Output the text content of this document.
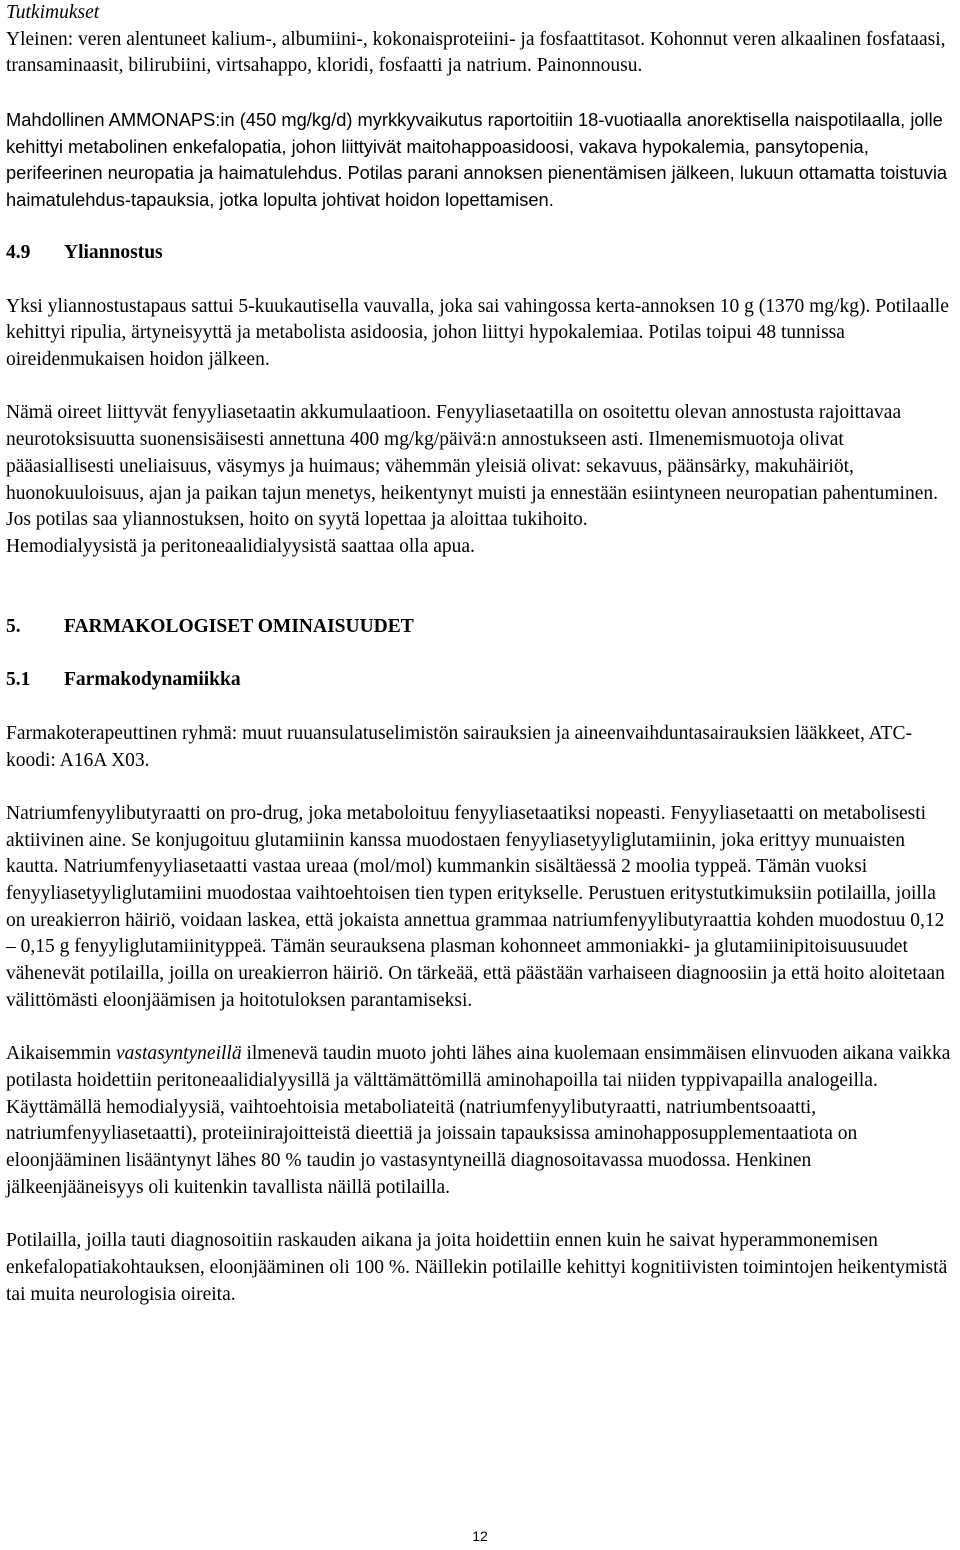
Tutkimukset

Yleinen: veren alentuneet kalium-, albumiini-, kokonaisproteiini- ja fosfaattitasot. Kohonnut veren alkaalinen fosfataasi, transaminaasit, bilirubiini, virtsahappo, kloridi, fosfaatti ja natrium. Painonnousu.

Mahdollinen AMMONAPS:in (450 mg/kg/d) myrkkyvaikutus raportoitiin 18-vuotiaalla anorektisella naispotilaalla, jolle kehittyi metabolinen enkefalopatia, johon liittyivät maitohappoasidoosi, vakava hypokalemia, pansytopenia, perifeerinen neuropatia ja haimatulehdus. Potilas parani annoksen pienentämisen jälkeen, lukuun ottamatta toistuvia haimatulehdus-tapauksia, jotka lopulta johtivat hoidon lopettamisen.

4.9 Yliannostus

Yksi yliannostustapaus sattui 5-kuukautisella vauvalla, joka sai vahingossa kerta-annoksen 10 g (1370 mg/kg). Potilaalle kehittyi ripulia, ärtyneisyyttä ja metabolista asidoosia, johon liittyi hypokalemiaa. Potilas toipui 48 tunnissa oireidenmukaisen hoidon jälkeen.

Nämä oireet liittyvät fenyyliasetaatin akkumulaatioon. Fenyyliasetaatilla on osoitettu olevan annostusta rajoittavaa neurotoksisuutta suonensisäisesti annettuna 400 mg/kg/päivä:n annostukseen asti. Ilmenemismuotoja olivat pääasiallisesti uneliaisuus, väsymys ja huimaus; vähemmän yleisiä olivat: sekavuus, päänsärky, makuhäiriöt, huonokuuloisuus, ajan ja paikan tajun menetys, heikentynyt muisti ja ennestään esiintyneen neuropatian pahentuminen.

Jos potilas saa yliannostuksen, hoito on syytä lopettaa ja aloittaa tukihoito.

Hemodialyysistä ja peritoneaalidialyysistä saattaa olla apua.

5. FARMAKOLOGISET OMINAISUUDET
5.1 Farmakodynamiikka

Farmakoterapeuttinen ryhmä: muut ruuansulatuselimistön sairauksien ja aineenvaihduntasairauksien lääkkeet, ATC-koodi: A16A X03.

Natriumfenyylibutyraatti on pro-drug, joka metaboloituu fenyyliasetaatiksi nopeasti. Fenyyliasetaatti on metabolisesti aktiivinen aine. Se konjugoituu glutamiinin kanssa muodostaen fenyyliasetyyliglutamiinin, joka erittyy munuaisten kautta. Natriumfenyyliasetaatti vastaa ureaa (mol/mol) kummankin sisältäessä 2 moolia typpeä. Tämän vuoksi fenyyliasetyyliglutamiini muodostaa vaihtoehtoisen tien typen eritykselle. Perustuen eritystutkimuksiin potilailla, joilla on ureakierron häiriö, voidaan laskea, että jokaista annettua grammaa natriumfenyylibutyraattia kohden muodostuu 0,12 – 0,15 g fenyyliglutamiinityppeä. Tämän seurauksena plasman kohonneet ammoniakki- ja glutamiinipitoisuusuudet vähenevät potilailla, joilla on ureakierron häiriö. On tärkeää, että päästään varhaiseen diagnoosiin ja että hoito aloitetaan välittömästi eloonjäämisen ja hoitotuloksen parantamiseksi.

Aikaisemmin vastasyntyneillä ilmenevä taudin muoto johti lähes aina kuolemaan ensimmäisen elinvuoden aikana vaikka potilasta hoidettiin peritoneaalidialyysillä ja välttämättömillä aminohapoilla tai niiden typpivapailla analogeilla. Käyttämällä hemodialyysiä, vaihtoehtoisia metaboliateitä (natriumfenyylibutyraatti, natriumbentsoaatti, natriumfenyyliasetaatti), proteiinirajoitteistä dieettiä ja joissain tapauksissa aminohapposupplementaatiota on eloonjääminen lisääntynyt lähes 80 % taudin jo vastasyntyneillä diagnosoitavassa muodossa. Henkinen jälkeenjääneisyys oli kuitenkin tavallista näillä potilailla.

Potilailla, joilla tauti diagnosoitiin raskauden aikana ja joita hoidettiin ennen kuin he saivat hyperammonemisen enkefalopatiakohtauksen, eloonjääminen oli 100 %. Näillekin potilaille kehittyi kognitiivisten toimintojen heikentymistä tai muita neurologisia oireita.

12
